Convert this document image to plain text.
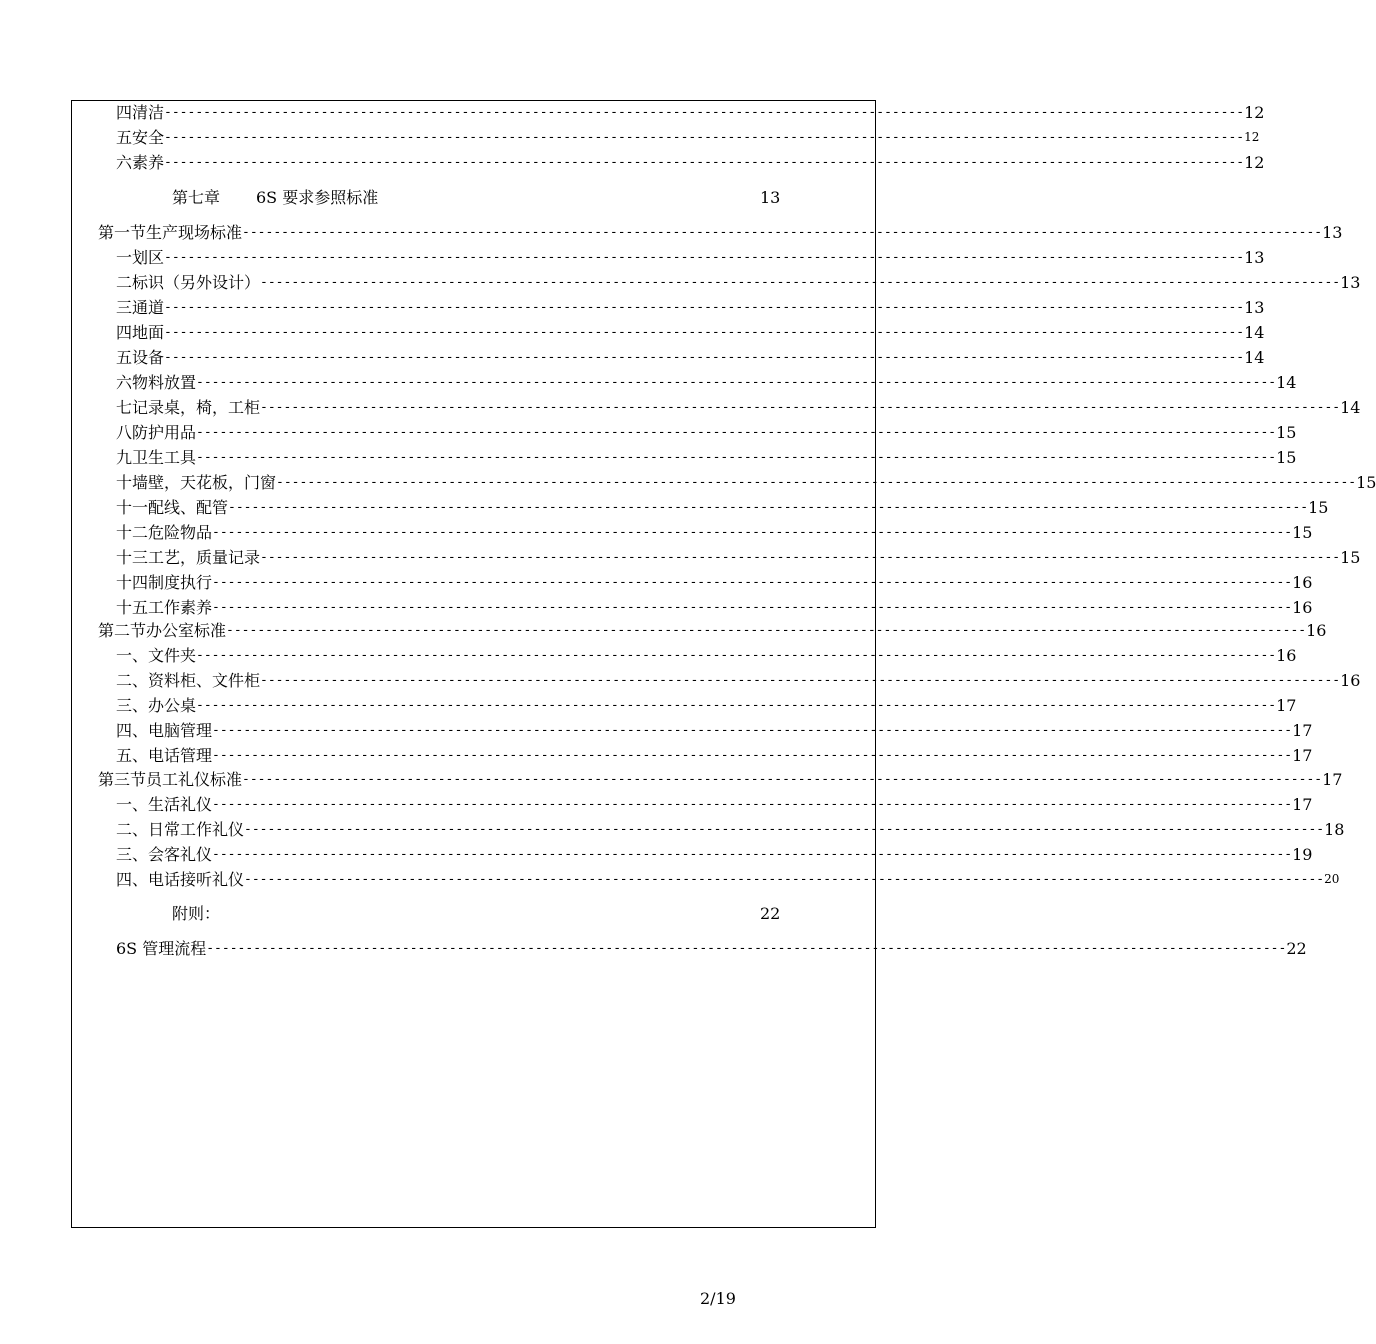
四 清洁 ------------------------------------------------------------------------------------------------------------------------------------------ 12
五 安全 ------------------------------------------------------------------------------------------------------------------------------------------ 12
六 素养 ------------------------------------------------------------------------------------------------------------------------------------------ 12
第七章 6S 要求参照标准	13
第一节 生产现场标准 ------------------------------------------------------------------------------------------------------------------------------------------ 13
一 划区 ------------------------------------------------------------------------------------------------------------------------------------------ 13
二 标识（另外设计） ------------------------------------------------------------------------------------------------------------------------------------------ 13
三 通道 ------------------------------------------------------------------------------------------------------------------------------------------ 13
四 地面 ------------------------------------------------------------------------------------------------------------------------------------------ 14
五 设备 ------------------------------------------------------------------------------------------------------------------------------------------ 14
六 物料放置 ------------------------------------------------------------------------------------------------------------------------------------------ 14
七 记录桌，椅，工柜 ------------------------------------------------------------------------------------------------------------------------------------------ 14
八 防护用品 ------------------------------------------------------------------------------------------------------------------------------------------ 15
九 卫生工具 ------------------------------------------------------------------------------------------------------------------------------------------ 15
十 墙壁，天花板，门窗 ------------------------------------------------------------------------------------------------------------------------------------------ 15
十一 配线、配管 ------------------------------------------------------------------------------------------------------------------------------------------ 15
十二 危险物品 ------------------------------------------------------------------------------------------------------------------------------------------ 15
十三 工艺，质量记录 ------------------------------------------------------------------------------------------------------------------------------------------ 15
十四 制度执行 ------------------------------------------------------------------------------------------------------------------------------------------ 16
十五 工作素养 ------------------------------------------------------------------------------------------------------------------------------------------ 16
第二节 办公室标准 ------------------------------------------------------------------------------------------------------------------------------------------ 16
一、文件夹 ------------------------------------------------------------------------------------------------------------------------------------------ 16
二、资料柜、文件柜 ------------------------------------------------------------------------------------------------------------------------------------------ 16
三、办公桌 ------------------------------------------------------------------------------------------------------------------------------------------ 17
四、电脑管理 ------------------------------------------------------------------------------------------------------------------------------------------ 17
五、电话管理 ------------------------------------------------------------------------------------------------------------------------------------------ 17
第三节 员工礼仪标准 ------------------------------------------------------------------------------------------------------------------------------------------ 17
一、生活礼仪 ------------------------------------------------------------------------------------------------------------------------------------------ 17
二、日常工作礼仪 ------------------------------------------------------------------------------------------------------------------------------------------ 18
三、会客礼仪 ------------------------------------------------------------------------------------------------------------------------------------------ 19
四、电话接听礼仪 ------------------------------------------------------------------------------------------------------------------------------------------ 20
附则：	22
6S 管理流程 ------------------------------------------------------------------------------------------------------------------------------------------ 22
2/19
